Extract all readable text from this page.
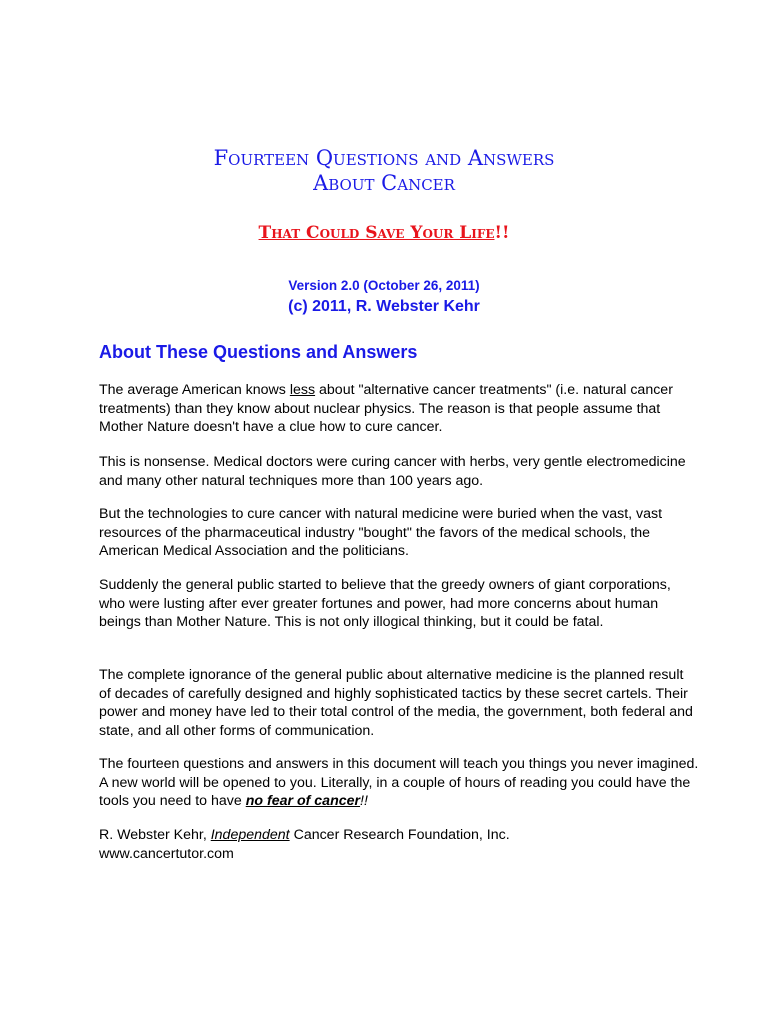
Fourteen Questions and Answers
About Cancer
That Could Save Your Life!!
Version 2.0 (October 26, 2011)
(c) 2011, R. Webster Kehr
About These Questions and Answers

The average American knows less about "alternative cancer treatments" (i.e. natural cancer treatments) than they know about nuclear physics. The reason is that people assume that Mother Nature doesn't have a clue how to cure cancer.

This is nonsense. Medical doctors were curing cancer with herbs, very gentle electromedicine and many other natural techniques more than 100 years ago.

But the technologies to cure cancer with natural medicine were buried when the vast, vast resources of the pharmaceutical industry "bought" the favors of the medical schools, the American Medical Association and the politicians.

Suddenly the general public started to believe that the greedy owners of giant corporations, who were lusting after ever greater fortunes and power, had more concerns about human beings than Mother Nature. This is not only illogical thinking, but it could be fatal.

The complete ignorance of the general public about alternative medicine is the planned result of decades of carefully designed and highly sophisticated tactics by these secret cartels. Their power and money have led to their total control of the media, the government, both federal and state, and all other forms of communication.

The fourteen questions and answers in this document will teach you things you never imagined. A new world will be opened to you. Literally, in a couple of hours of reading you could have the tools you need to have no fear of cancer!!

R. Webster Kehr, Independent Cancer Research Foundation, Inc.

www.cancertutor.com
